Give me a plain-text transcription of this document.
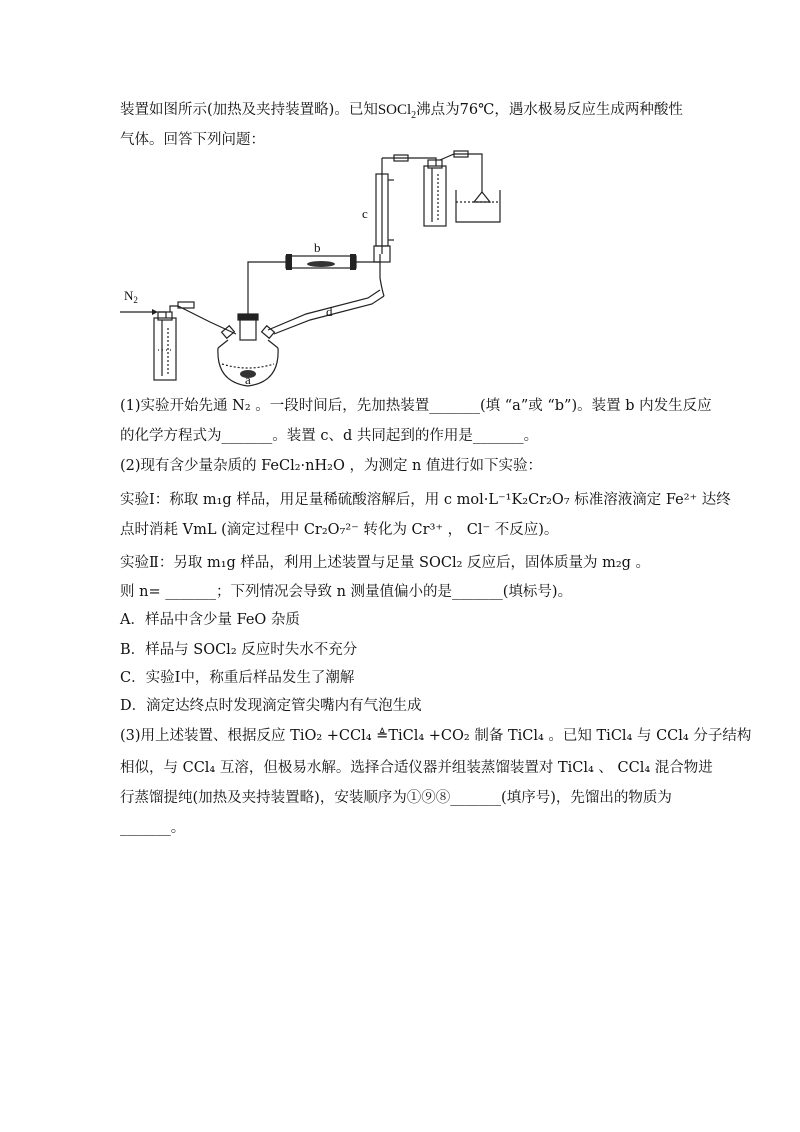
装置如图所示(加热及夹持装置略)。已知SOCl$_2$沸点为76℃，遇水极易反应生成两种酸性
气体。回答下列问题：
$N_2$
a
b
c
d
(1)实验开始先通 N₂ 。一段时间后，先加热装置_______(填 “a”或 “b”)。装置 b 内发生反应
的化学方程式为_______。装置 c、d 共同起到的作用是_______。
(2)现有含少量杂质的 FeCl₂·nH₂O ，为测定 n 值进行如下实验：
实验Ⅰ：称取 m₁g 样品，用足量稀硫酸溶解后，用 c mol·L⁻¹K₂Cr₂O₇ 标准溶液滴定 Fe²⁺ 达终
点时消耗 VmL (滴定过程中 Cr₂O₇²⁻ 转化为 Cr³⁺ ， Cl⁻ 不反应)。
实验Ⅱ：另取 m₁g 样品，利用上述装置与足量 SOCl₂ 反应后，固体质量为 m₂g 。
则 n= _______；下列情况会导致 n 测量值偏小的是_______(填标号)。
A．样品中含少量 FeO 杂质
B．样品与 SOCl₂ 反应时失水不充分
C．实验Ⅰ中，称重后样品发生了潮解
D．滴定达终点时发现滴定管尖嘴内有气泡生成
(3)用上述装置、根据反应 TiO₂ +CCl₄ ≜TiCl₄ +CO₂ 制备 TiCl₄ 。已知 TiCl₄ 与 CCl₄ 分子结构
相似，与 CCl₄ 互溶，但极易水解。选择合适仪器并组装蒸馏装置对 TiCl₄ 、 CCl₄ 混合物进
行蒸馏提纯(加热及夹持装置略)，安装顺序为①⑨⑧_______(填序号)，先馏出的物质为
_______。
